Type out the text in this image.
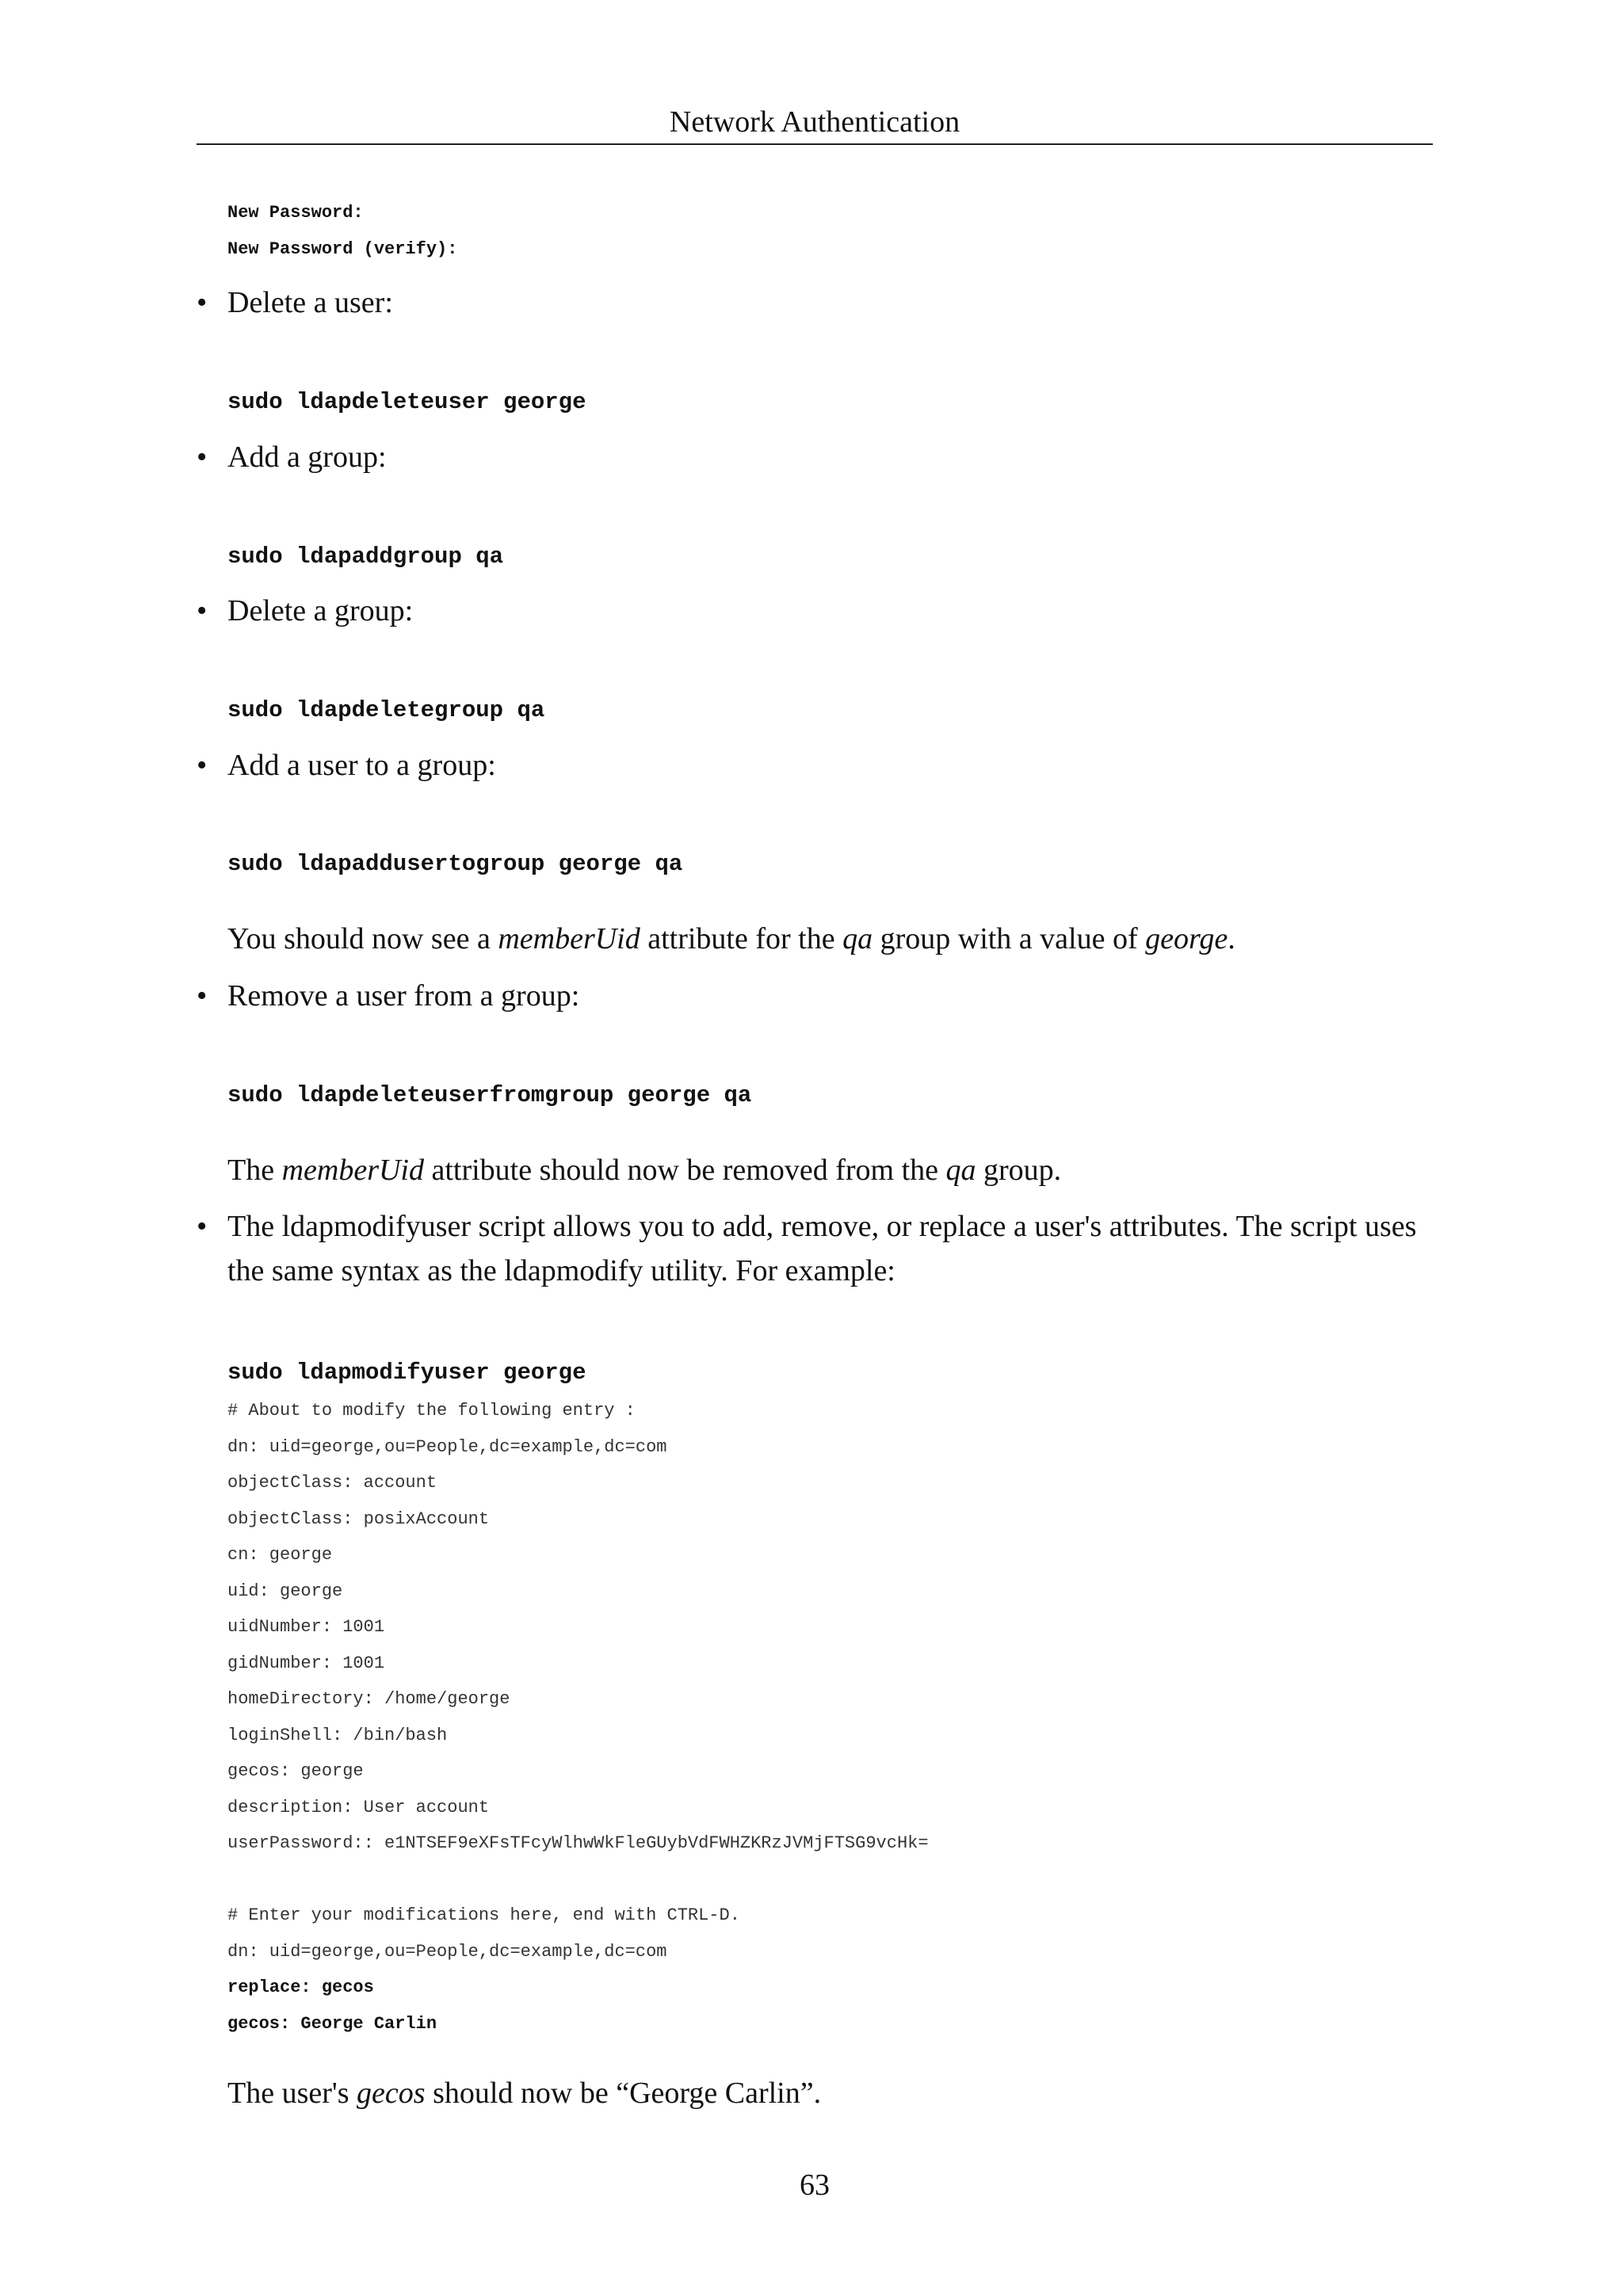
Network Authentication
New Password:
New Password (verify):
• Delete a user:
sudo ldapdeleteuser george
• Add a group:
sudo ldapaddgroup qa
• Delete a group:
sudo ldapdeletegroup qa
• Add a user to a group:
sudo ldapaddusertogroup george qa
You should now see a memberUid attribute for the qa group with a value of george.
• Remove a user from a group:
sudo ldapdeleteuserfromgroup george qa
The memberUid attribute should now be removed from the qa group.
• The ldapmodifyuser script allows you to add, remove, or replace a user's attributes. The script uses
the same syntax as the ldapmodify utility. For example:
sudo ldapmodifyuser george
# About to modify the following entry :
dn: uid=george,ou=People,dc=example,dc=com
objectClass: account
objectClass: posixAccount
cn: george
uid: george
uidNumber: 1001
gidNumber: 1001
homeDirectory: /home/george
loginShell: /bin/bash
gecos: george
description: User account
userPassword:: e1NTSEF9eXFsTFcyWlhwWkFleGUybVdFWHZKRzJVMjFTSG9vcHk=
# Enter your modifications here, end with CTRL-D.
dn: uid=george,ou=People,dc=example,dc=com
replace: gecos
gecos: George Carlin
The user's gecos should now be “George Carlin”.
63
